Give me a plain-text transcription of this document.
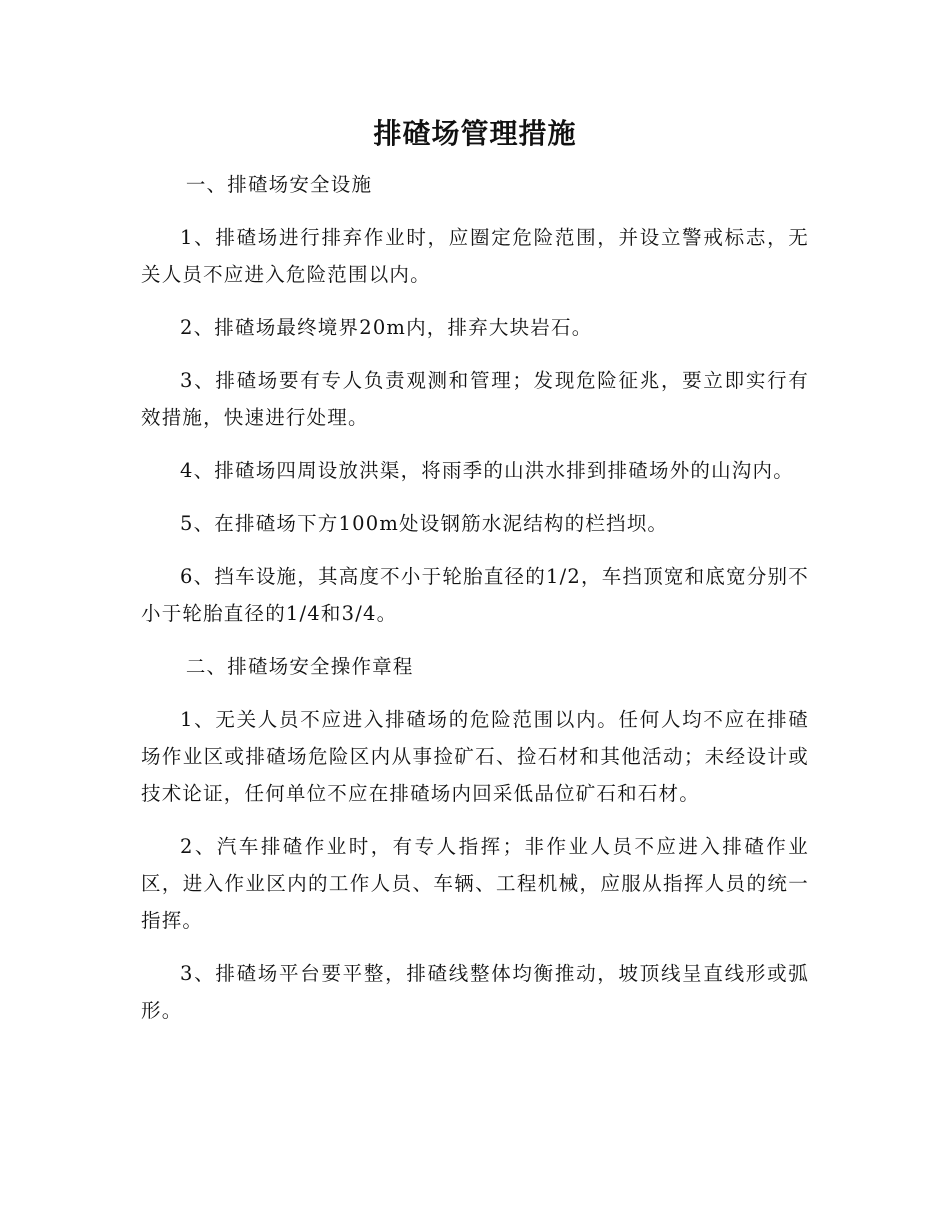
排碴场管理措施

一、排碴场安全设施

1、排碴场进行排弃作业时，应圈定危险范围，并设立警戒标志，无关人员不应进入危险范围以内。

2、排碴场最终境界20m内，排弃大块岩石。

3、排碴场要有专人负责观测和管理；发现危险征兆，要立即实行有效措施，快速进行处理。

4、排碴场四周设放洪渠，将雨季的山洪水排到排碴场外的山沟内。

5、在排碴场下方100m处设钢筋水泥结构的栏挡坝。

6、挡车设施，其高度不小于轮胎直径的1/2，车挡顶宽和底宽分别不小于轮胎直径的1/4和3/4。

二、排碴场安全操作章程

1、无关人员不应进入排碴场的危险范围以内。任何人均不应在排碴场作业区或排碴场危险区内从事捡矿石、捡石材和其他活动；未经设计或技术论证，任何单位不应在排碴场内回采低品位矿石和石材。

2、汽车排碴作业时，有专人指挥；非作业人员不应进入排碴作业区，进入作业区内的工作人员、车辆、工程机械，应服从指挥人员的统一指挥。

3、排碴场平台要平整，排碴线整体均衡推动，坡顶线呈直线形或弧形。
